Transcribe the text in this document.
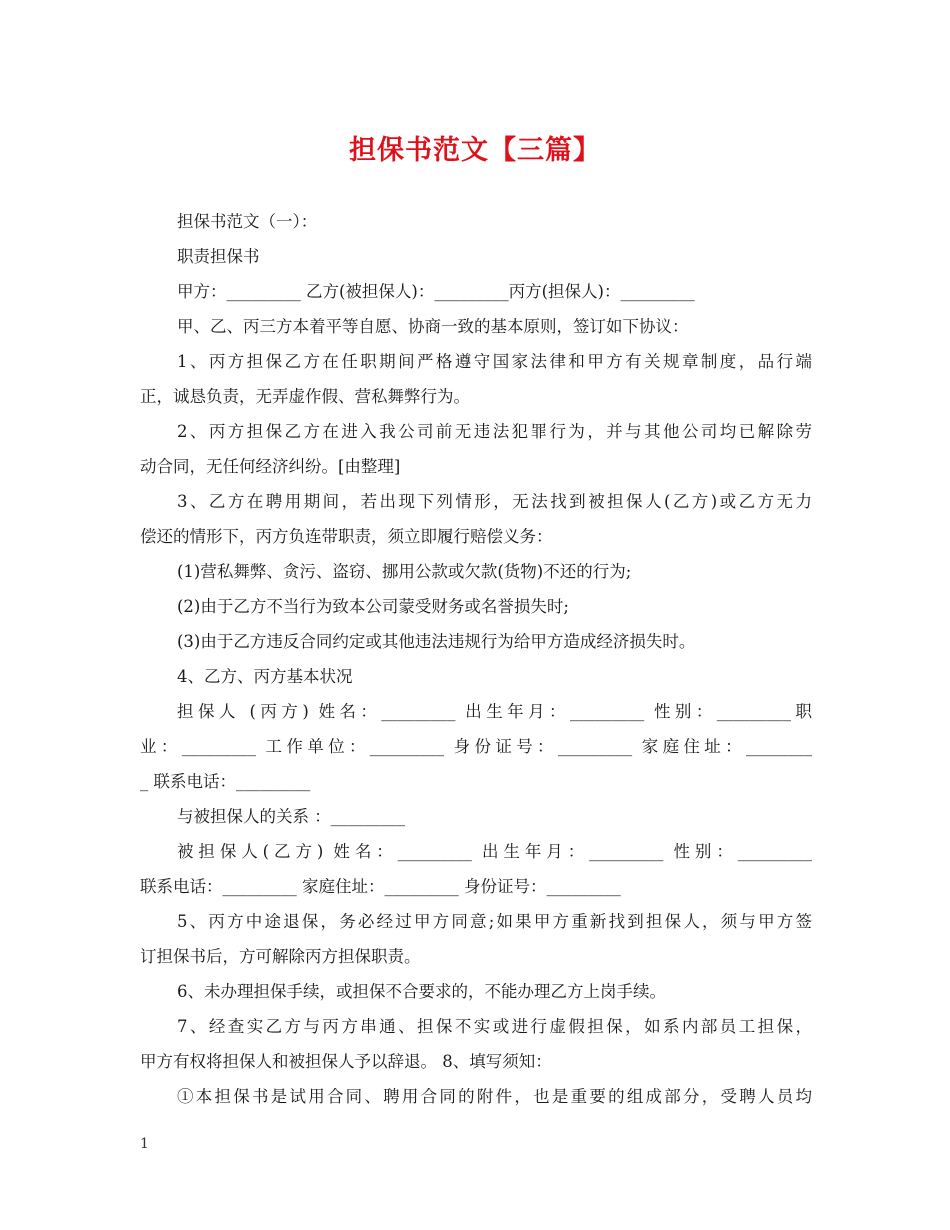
担保书范文【三篇】
担保书范文（一）：
职责担保书
甲方：_________ 乙方(被担保人)：_________丙方(担保人)：_________
甲、乙、丙三方本着平等自愿、协商一致的基本原则，签订如下协议：
1、丙方担保乙方在任职期间严格遵守国家法律和甲方有关规章制度，品行端
正，诚恳负责，无弄虚作假、营私舞弊行为。
2、丙方担保乙方在进入我公司前无违法犯罪行为，并与其他公司均已解除劳
动合同，无任何经济纠纷。[由整理]
3、乙方在聘用期间，若出现下列情形，无法找到被担保人(乙方)或乙方无力
偿还的情形下，丙方负连带职责，须立即履行赔偿义务：
(1)营私舞弊、贪污、盗窃、挪用公款或欠款(货物)不还的行为;
(2)由于乙方不当行为致本公司蒙受财务或名誉损失时;
(3)由于乙方违反合同约定或其他违法违规行为给甲方造成经济损失时。
4、乙方、丙方基本状况
担保人 (丙方) 姓名：_________ 出生年月：_________ 性别：_________职
业：_________ 工作单位：_________ 身份证号：_________ 家庭住址：________
_ 联系电话：_________
与被担保人的关系 ：_________
被担保人(乙方) 姓名：_________ 出生年月：_________ 性别：_________
联系电话：_________ 家庭住址：_________ 身份证号：_________
5、丙方中途退保，务必经过甲方同意;如果甲方重新找到担保人，须与甲方签
订担保书后，方可解除丙方担保职责。
6、未办理担保手续，或担保不合要求的，不能办理乙方上岗手续。
7、经查实乙方与丙方串通、担保不实或进行虚假担保，如系内部员工担保，
甲方有权将担保人和被担保人予以辞退。 8、填写须知：
①本担保书是试用合同、聘用合同的附件，也是重要的组成部分，受聘人员均
1
